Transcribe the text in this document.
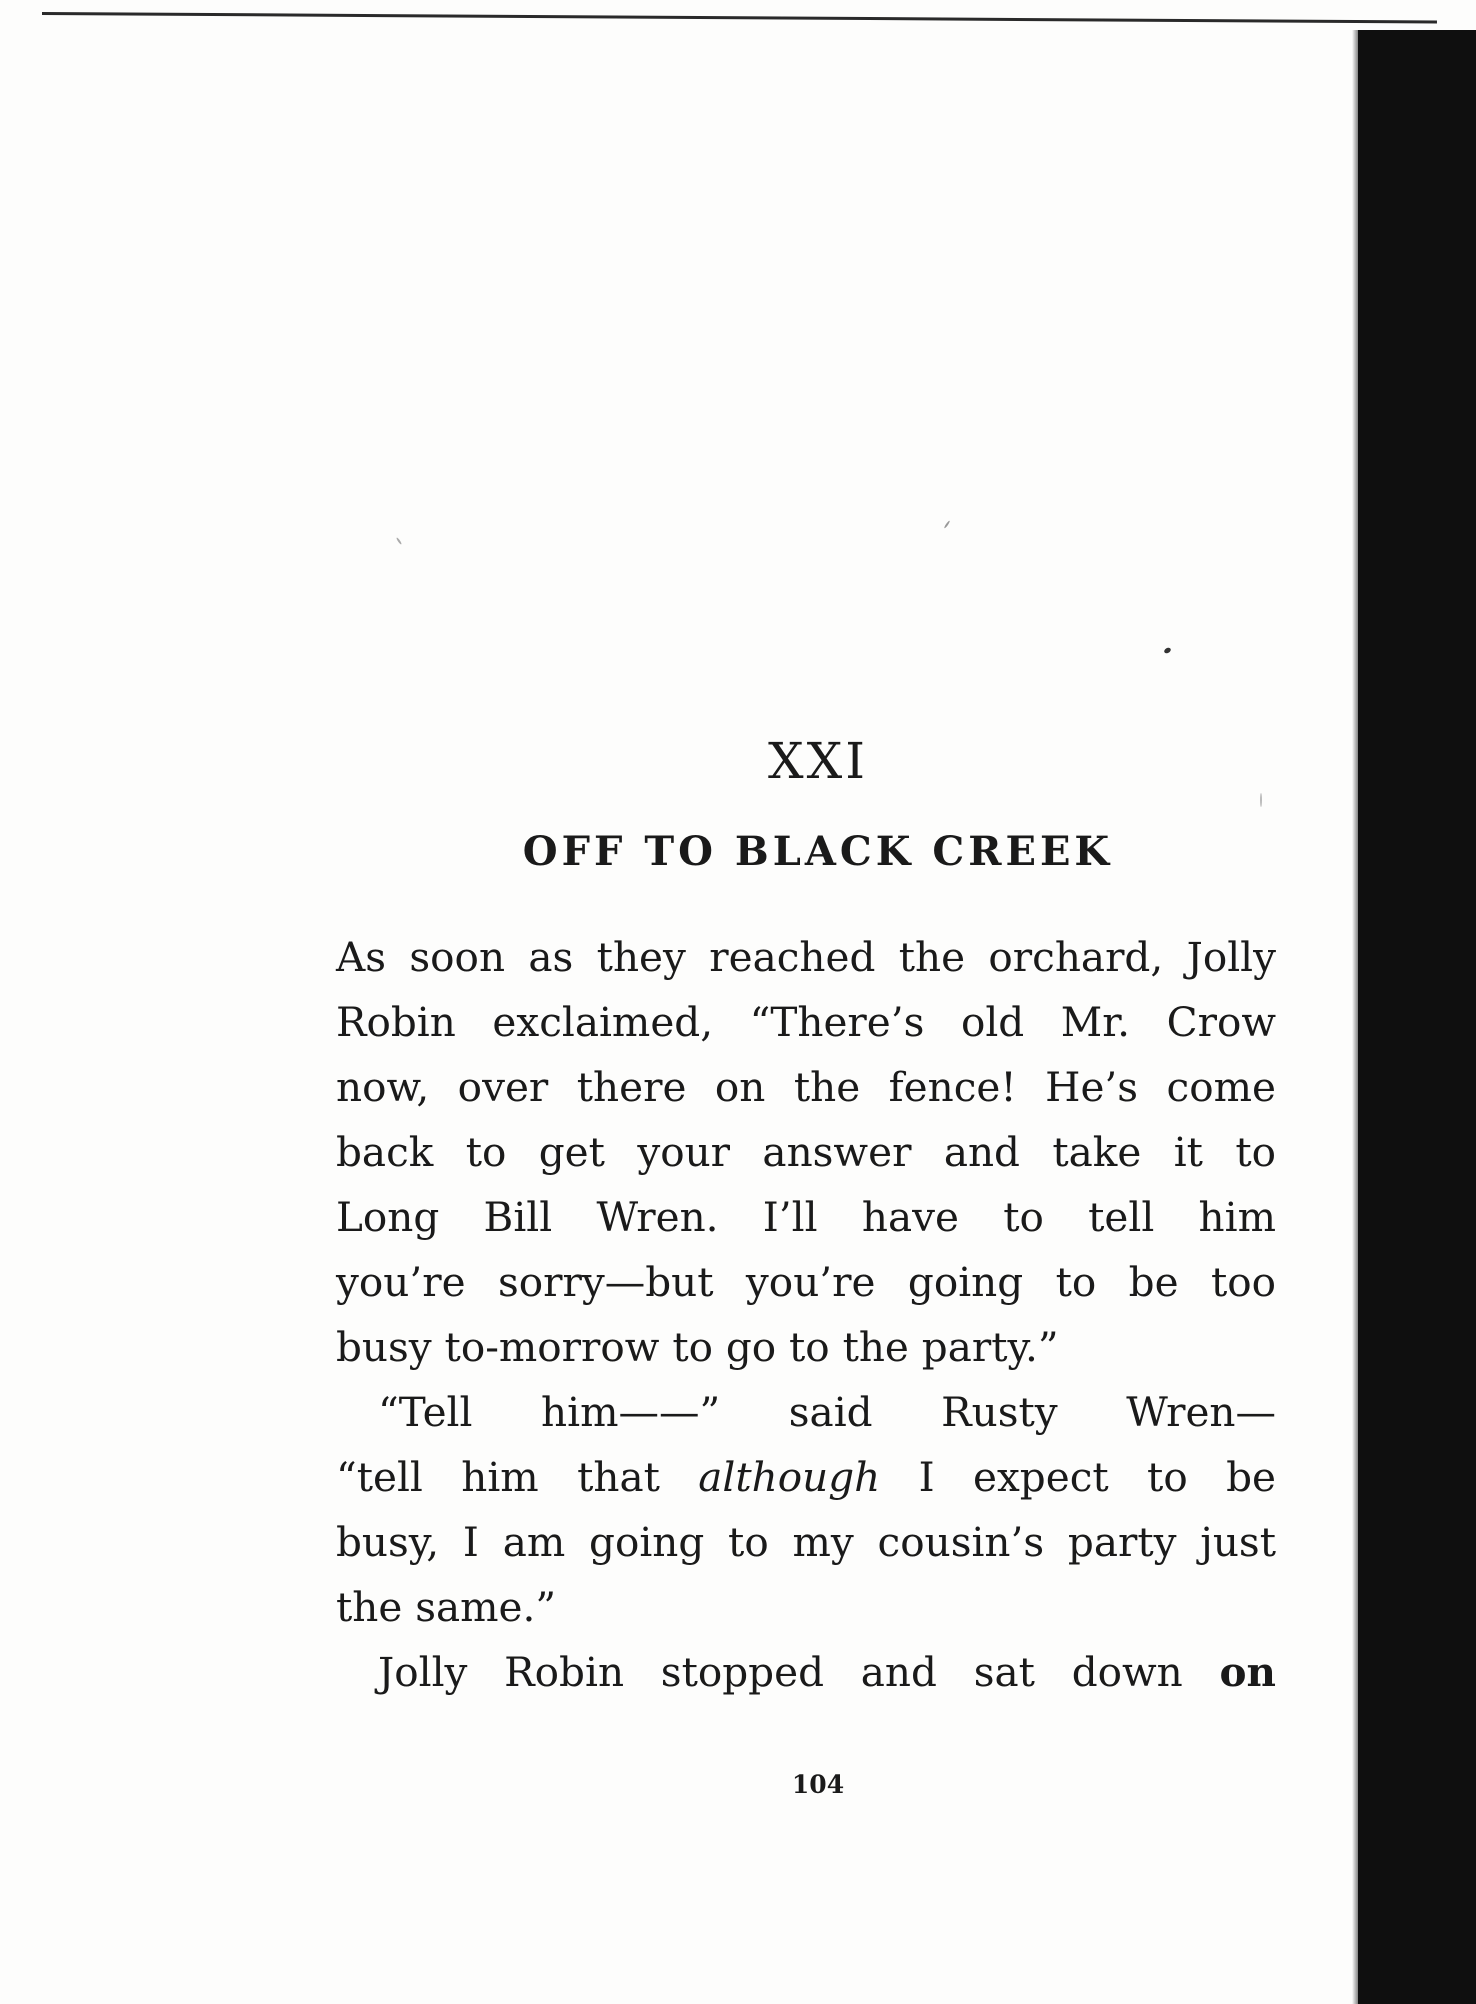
XXI
OFF TO BLACK CREEK
As soon as they reached the orchard, Jolly
Robin exclaimed, “There’s old Mr. Crow
now, over there on the fence! He’s come
back to get your answer and take it to
Long Bill Wren. I’ll have to tell him
you’re sorry—but you’re going to be too
busy to-morrow to go to the party.”
“Tell him——” said Rusty Wren—
“tell him that although I expect to be
busy, I am going to my cousin’s party just
the same.”
Jolly Robin stopped and sat down on
104
